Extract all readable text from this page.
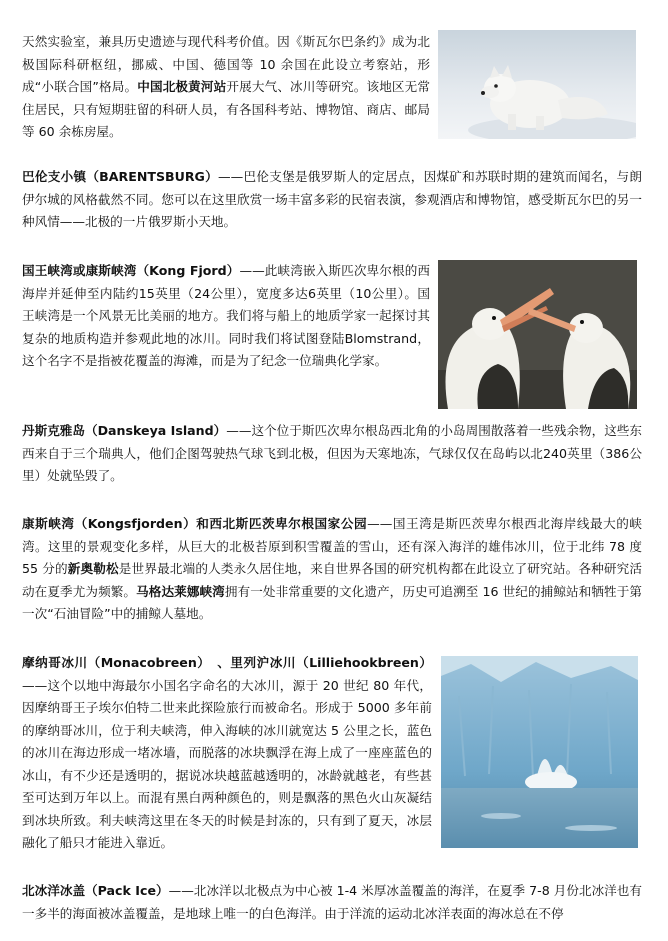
天然实验室，兼具历史遗迹与现代科考价值。因《斯瓦尔巴条约》成为北极国际科研枢纽，挪威、中国、德国等 10 余国在此设立考察站，形成“小联合国”格局。中国北极黄河站开展大气、冰川等研究。该地区无常住居民，只有短期驻留的科研人员，有各国科考站、博物馆、商店、邮局等 60 余栋房屋。
巴伦支小镇（BARENTSBURG）——巴伦支堡是俄罗斯人的定居点，因煤矿和苏联时期的建筑而闻名，与朗伊尔城的风格截然不同。您可以在这里欣赏一场丰富多彩的民宿表演，参观酒店和博物馆，感受斯瓦尔巴的另一种风情——北极的一片俄罗斯小天地。
国王峡湾或康斯峡湾（Kong Fjord）——此峡湾嵌入斯匹次卑尔根的西海岸并延伸至内陆约15英里（24公里），宽度多达6英里（10公里）。国王峡湾是一个风景无比美丽的地方。我们将与船上的地质学家一起探讨其复杂的地质构造并参观此地的冰川。同时我们将试图登陆Blomstrand，这个名字不是指被花覆盖的海滩，而是为了纪念一位瑞典化学家。
丹斯克雅岛（Danskeya Island）——这个位于斯匹次卑尔根岛西北角的小岛周围散落着一些残余物，这些东西来自于三个瑞典人，他们企图驾驶热气球飞到北极，但因为天寒地冻，气球仅仅在岛屿以北240英里（386公里）处就坠毁了。
康斯峡湾（Kongsfjorden）和西北斯匹茨卑尔根国家公园——国王湾是斯匹茨卑尔根西北海岸线最大的峡湾。这里的景观变化多样，从巨大的北极苔原到积雪覆盖的雪山，还有深入海洋的雄伟冰川，位于北纬 78 度 55 分的新奥勒松是世界最北端的人类永久居住地，来自世界各国的研究机构都在此设立了研究站。各种研究活动在夏季尤为频繁。马格达莱娜峡湾拥有一处非常重要的文化遗产，历史可追溯至 16 世纪的捕鲸站和牺牲于第一次“石油冒险”中的捕鲸人墓地。
摩纳哥冰川（Monacobreen）　、里列沪冰川（Lilliehookbreen）——这个以地中海最尔小国名字命名的大冰川，源于 20 世纪 80 年代，因摩纳哥王子埃尔伯特二世来此探险旅行而被命名。形成于 5000 多年前的摩纳哥冰川，位于利夫峡湾，伸入海峡的冰川就宽达 5 公里之长，蓝色的冰川在海边形成一堵冰墙，而脱落的冰块飘浮在海上成了一座座蓝色的冰山，有不少还是透明的，据说冰块越蓝越透明的，冰龄就越老，有些甚至可达到万年以上。而混有黑白两种颜色的，则是飘落的黑色火山灰凝结到冰块所致。利夫峡湾这里在冬天的时候是封冻的，只有到了夏天，冰层融化了船只才能进入靠近。
北冰洋冰盖（Pack Ice）——北冰洋以北极点为中心被 1-4 米厚冰盖覆盖的海洋，在夏季 7-8 月份北冰洋也有一多半的海面被冰盖覆盖，是地球上唯一的白色海洋。由于洋流的运动北冰洋表面的海冰总在不停
